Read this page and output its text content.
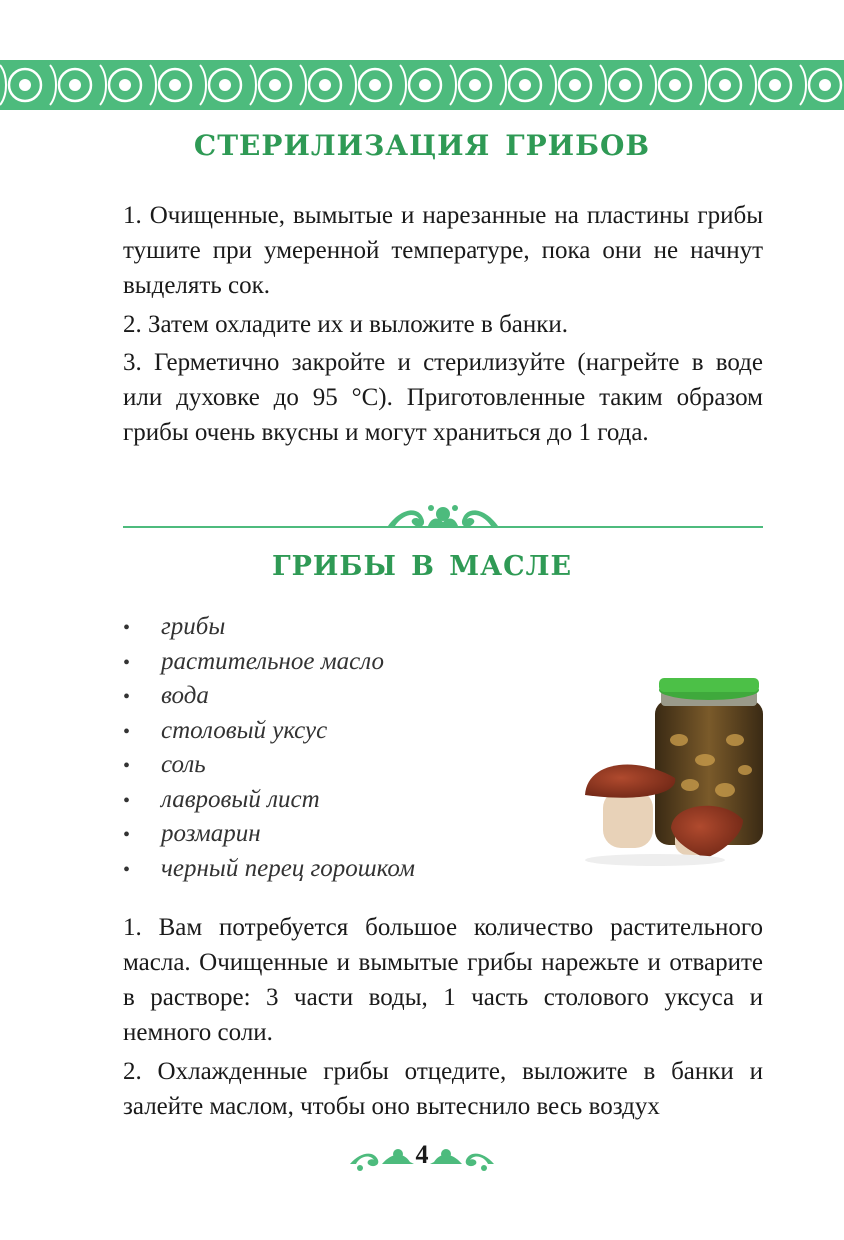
стерилизация грибов

1. Очищенные, вымытые и нарезанные на пластины грибы тушите при умеренной температуре, пока они не начнут выделять сок.

2. Затем охладите их и выложите в банки.

3. Герметично закройте и стерилизуйте (нагрейте в воде или духовке до 95 °C). Приготовленные таким образом грибы очень вкусны и могут храниться до 1 года.

грибы в масле
• грибы
• растительное масло
• вода
• столовый уксус
• соль
• лавровый лист
• розмарин
• черный перец горошком

1. Вам потребуется большое количество растительного масла. Очищенные и вымытые грибы нарежьте и отварите в растворе: 3 части воды, 1 часть столового уксуса и немного соли.

2. Охлажденные грибы отцедите, выложите в банки и залейте маслом, чтобы оно вытеснило весь воздух

4
